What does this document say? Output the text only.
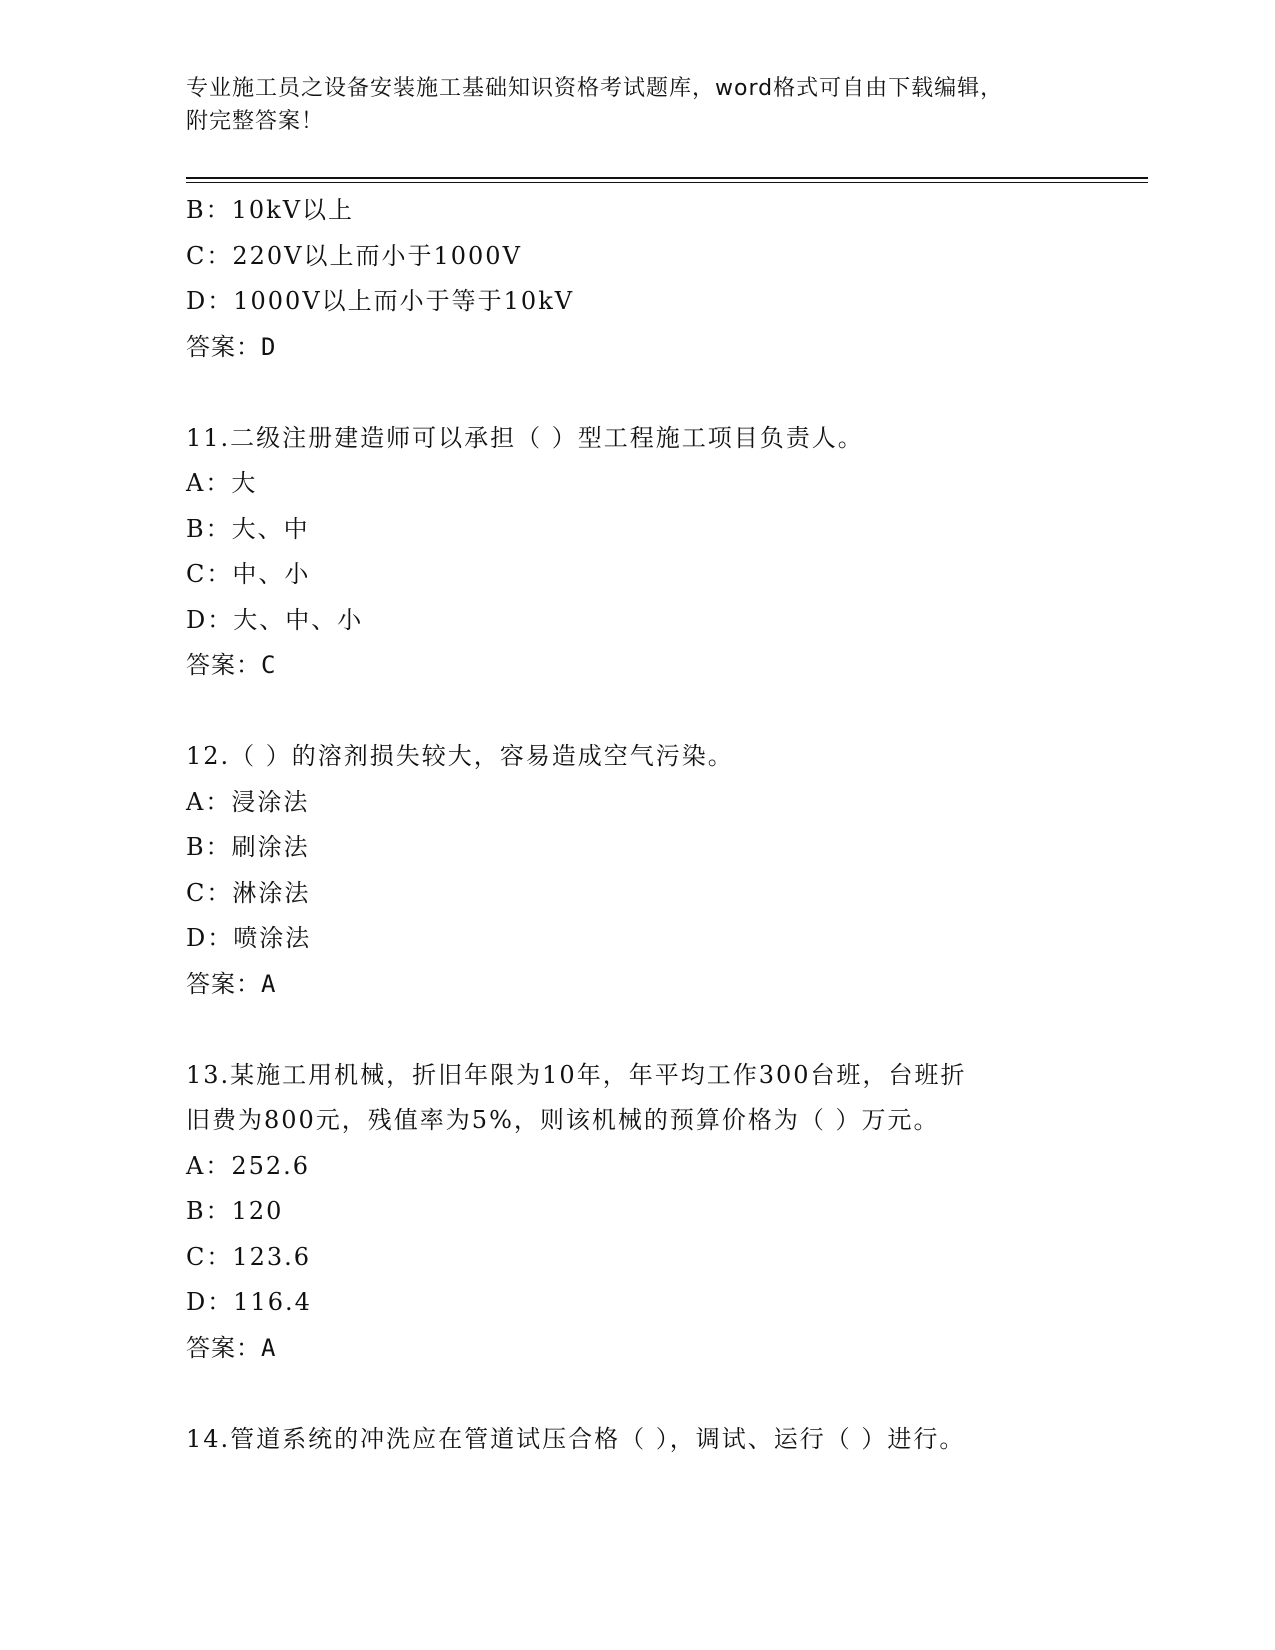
专业施工员之设备安装施工基础知识资格考试题库，word格式可自由下载编辑，
附完整答案！
B：10kV以上
C：220V以上而小于1000V
D：1000V以上而小于等于10kV
答案：D
11.二级注册建造师可以承担（ ）型工程施工项目负责人。
A：大
B：大、中
C：中、小
D：大、中、小
答案：C
12.（ ）的溶剂损失较大，容易造成空气污染。
A：浸涂法
B：刷涂法
C：淋涂法
D：喷涂法
答案：A
13.某施工用机械，折旧年限为10年，年平均工作300台班，台班折
旧费为800元，残值率为5%，则该机械的预算价格为（ ）万元。
A：252.6
B：120
C：123.6
D：116.4
答案：A
14.管道系统的冲洗应在管道试压合格（ ），调试、运行（ ）进行。
